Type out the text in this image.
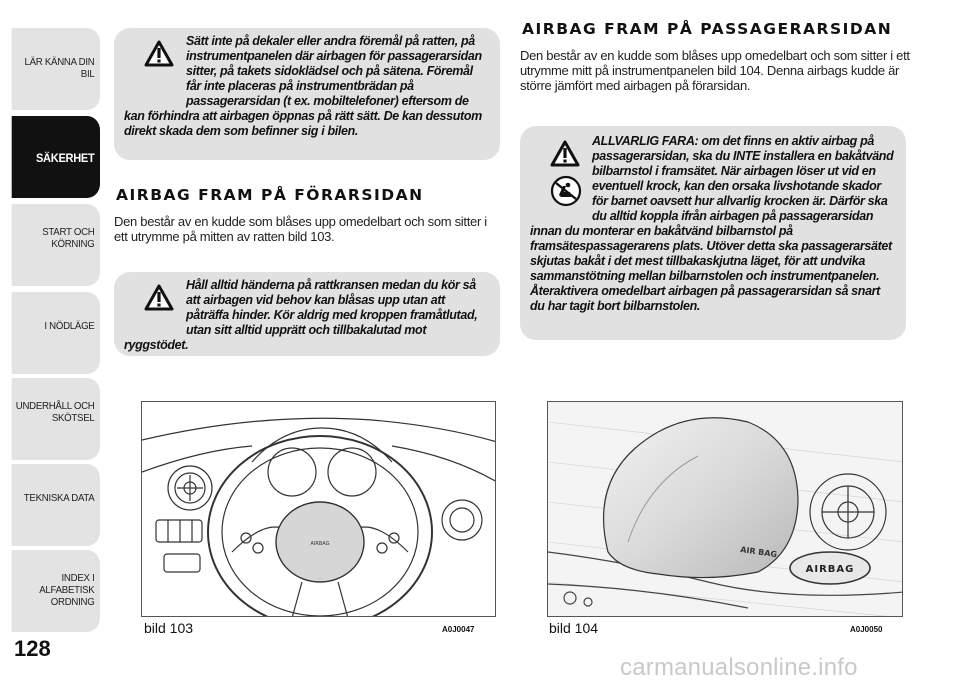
LÄR KÄNNA DIN BIL
SÄKERHET
START OCH KÖRNING
I NÖDLÄGE
UNDERHÅLL OCH SKÖTSEL
TEKNISKA DATA
INDEX I ALFABETISK ORDNING
128
Sätt inte på dekaler eller andra föremål på ratten, på instrumentpanelen där airbagen för passagerarsidan sitter, på takets sidoklädsel och på sätena. Föremål får inte placeras på instrumentbrädan på passagerarsidan (t ex. mobiltelefoner) eftersom de kan förhindra att airbagen öppnas på rätt sätt. De kan dessutom direkt skada dem som befinner sig i bilen.
AIRBAG FRAM PÅ FÖRARSIDAN
Den består av en kudde som blåses upp omedelbart och som sitter i ett utrymme på mitten av ratten bild 103.
Håll alltid händerna på rattkransen medan du kör så att airbagen vid behov kan blåsas upp utan att påträffa hinder. Kör aldrig med kroppen framåtlutad, utan sitt alltid upprätt och tillbakalutad mot ryggstödet.
AIRBAG FRAM PÅ PASSAGERARSIDAN
Den består av en kudde som blåses upp omedelbart och som sitter i ett utrymme mitt på instrumentpanelen bild 104. Denna airbags kudde är större jämfört med airbagen på förarsidan.
ALLVARLIG FARA: om det finns en aktiv airbag på passagerarsidan, ska du INTE installera en bakåtvänd bilbarnstol i framsätet. När airbagen löser ut vid en eventuell krock, kan den orsaka livshotande skador för barnet oavsett hur allvarlig krocken är. Därför ska du alltid koppla ifrån airbagen på passagerarsidan innan du monterar en bakåtvänd bilbarnstol på framsätespassagerarens plats. Utöver detta ska passagerarsätet skjutas bakåt i det mest tillbakaskjutna läget, för att undvika sammanstötning mellan bilbarnstolen och instrumentpanelen. Återaktivera omedelbart airbagen på passagerarsidan så snart du har tagit bort bilbarnstolen.
AIRBAG
bild 103	A0J0047
AIRBAG
AIR BAG
bild 104	A0J0050
carmanualsonline.info
